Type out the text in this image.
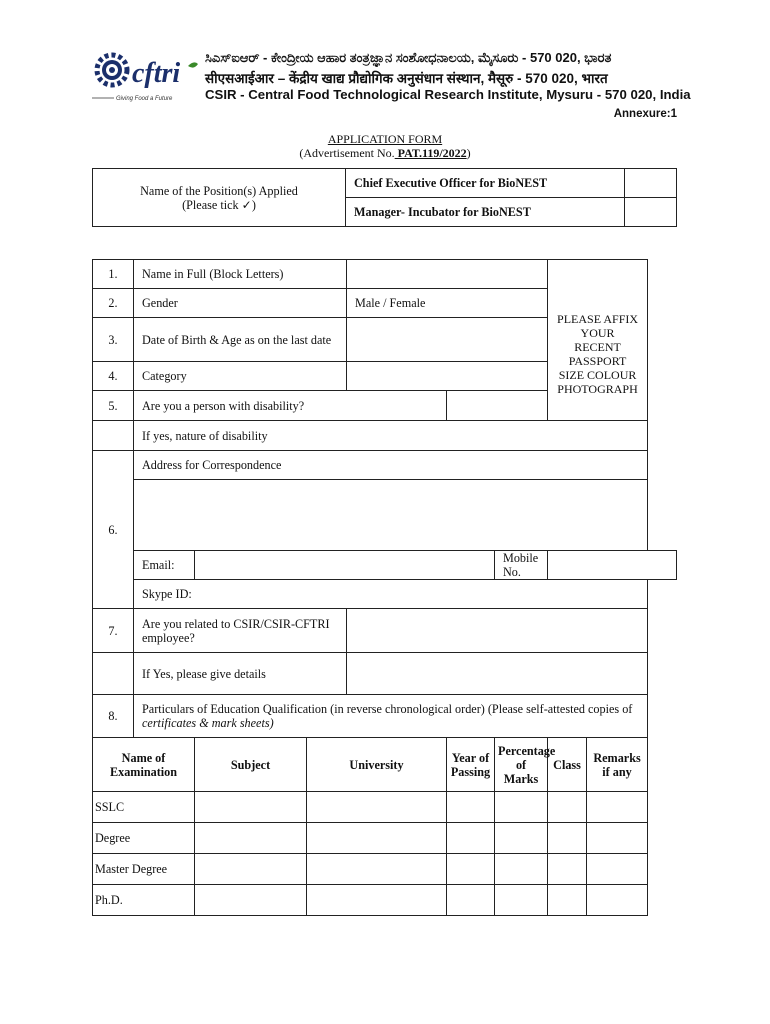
cftri
Giving Food a Future
ಸಿಎಸ್‌ಐಆರ್ - ಕೇಂದ್ರೀಯ ಆಹಾರ ತಂತ್ರಜ್ಞಾನ ಸಂಶೋಧನಾಲಯ, ಮೈಸೂರು - 570 020, ಭಾರತ
सीएसआईआर – केंद्रीय खाद्य प्रौद्योगिक अनुसंधान संस्थान, मैसूरु - 570 020, भारत
CSIR - Central Food Technological Research Institute, Mysuru - 570 020, India
Annexure:1
APPLICATION FORM
(Advertisement No. PAT.119/2022)
Name of the Position(s) Applied
(Please tick ✓)	Chief Executive Officer for BioNEST	
	Manager- Incubator for BioNEST	
1.	Name in Full (Block Letters)						PLEASE AFFIX YOUR RECENT PASSPORT SIZE COLOUR PHOTOGRAPH	
2.	Gender			Male / Female				
3.	Date of Birth & Age as on the last date							
4.	Category							
5.	Are you a person with disability?							
	If yes, nature of disability							
6.	Address for Correspondence							

	Email:					Mobile No.		
	Skype ID:							
7.	Are you related to CSIR/CSIR-CFTRI employee?							
	If Yes, please give details							
8.	Particulars of Education Qualification (in reverse chronological order) (Please self-attested copies of
certificates & mark sheets)							
Name of Examination		Subject	University		Year of Passing	Percentage of Marks	Class	Remarks if any
SSLC								
Degree								
Master Degree								
Ph.D.								
